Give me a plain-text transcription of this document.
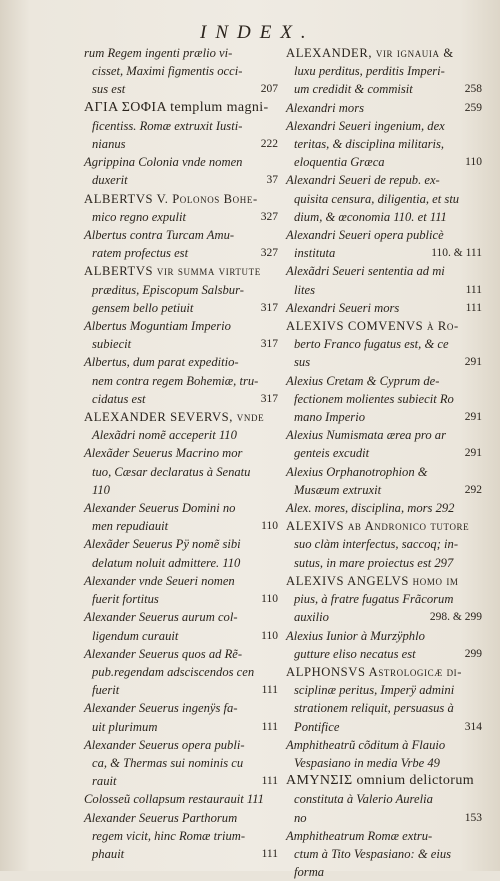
INDEX.
rum Regem ingenti prælio vi-
cisset, Maximi figmentis occi-
sus est	207
ΑΓΙΑ ΣΟΦΙΑ templum magni-
ficentiss. Romæ extruxit Iusti-
nianus	222
Agrippina Colonia vnde nomen
duxerit	37
ALBERTVS V. Polonos Bohe-
mico regno expulit	327
Albertus contra Turcam Amu-
ratem profectus est	327
ALBERTVS vir summa virtute
præditus, Episcopum Salsbur-
gensem bello petiuit	317
Albertus Moguntiam Imperio
subiecit	317
Albertus, dum parat expeditio-
nem contra regem Bohemiæ, tru-
cidatus est	317
ALEXANDER SEVERVS, vnde
Alexãdri nomẽ acceperit 110
Alexãder Seuerus Macrino mor
tuo, Cæsar declaratus à Senatu
110
Alexander Seuerus Domini no
men repudiauit	110
Alexãder Seuerus Pÿ nomẽ sibi
delatum noluit admittere. 110
Alexander vnde Seueri nomen
fuerit fortitus	110
Alexander Seuerus aurum col-
ligendum curauit	110
Alexander Seuerus quos ad Rẽ-
pub.regendam adsciscendos cen
fuerit	111
Alexander Seuerus ingenÿs fa-
uit plurimum	111
Alexander Seuerus opera publi-
ca, & Thermas sui nominis cu
rauit	111
Colosseũ collapsum restaurauit 111
Alexander Seuerus Parthorum
regem vicit, hinc Romæ trium-
phauit	111
ALEXANDER, vir ignauia &
luxu perditus, perditis Imperi-
um credidit & commisit	258
Alexandri mors	259
Alexandri Seueri ingenium, dex
teritas, & disciplina militaris,
eloquentia Græca	110
Alexandri Seueri de repub. ex-
quisita censura, diligentia, et stu
dium, & œconomia 110. et 111
Alexandri Seueri opera publicè
instituta	110. & 111
Alexãdri Seueri sententia ad mi
lites	111
Alexandri Seueri mors	111
ALEXIVS COMVENVS à Ro-
berto Franco fugatus est, & ce
sus	291
Alexius Cretam & Cyprum de-
fectionem molientes subiecit Ro
mano Imperio	291
Alexius Numismata ærea pro ar
genteis excudit	291
Alexius Orphanotrophion &
Musæum extruxit	292
Alex. mores, disciplina, mors 292
ALEXIVS ab Andronico tutore
suo clàm interfectus, saccoq; in-
sutus, in mare proiectus est 297
ALEXIVS ANGELVS homo im
pius, à fratre fugatus Frãcorum
auxilio	298. & 299
Alexius Iunior à Murzÿphlo
gutture eliso necatus est	299
ALPHONSVS Astrologicæ di-
sciplinæ peritus, Imperÿ admini
strationem reliquit, persuasus à
Pontifice	314
Amphitheatrũ cõditum à Flauio
Vespasiano in media Vrbe 49
ΑΜΥΝΣΙΣ omnium delictorum
constituta à Valerio Aurelia
no	153
Amphitheatrum Romæ extru-
ctum à Tito Vespasiano: & eius
forma
